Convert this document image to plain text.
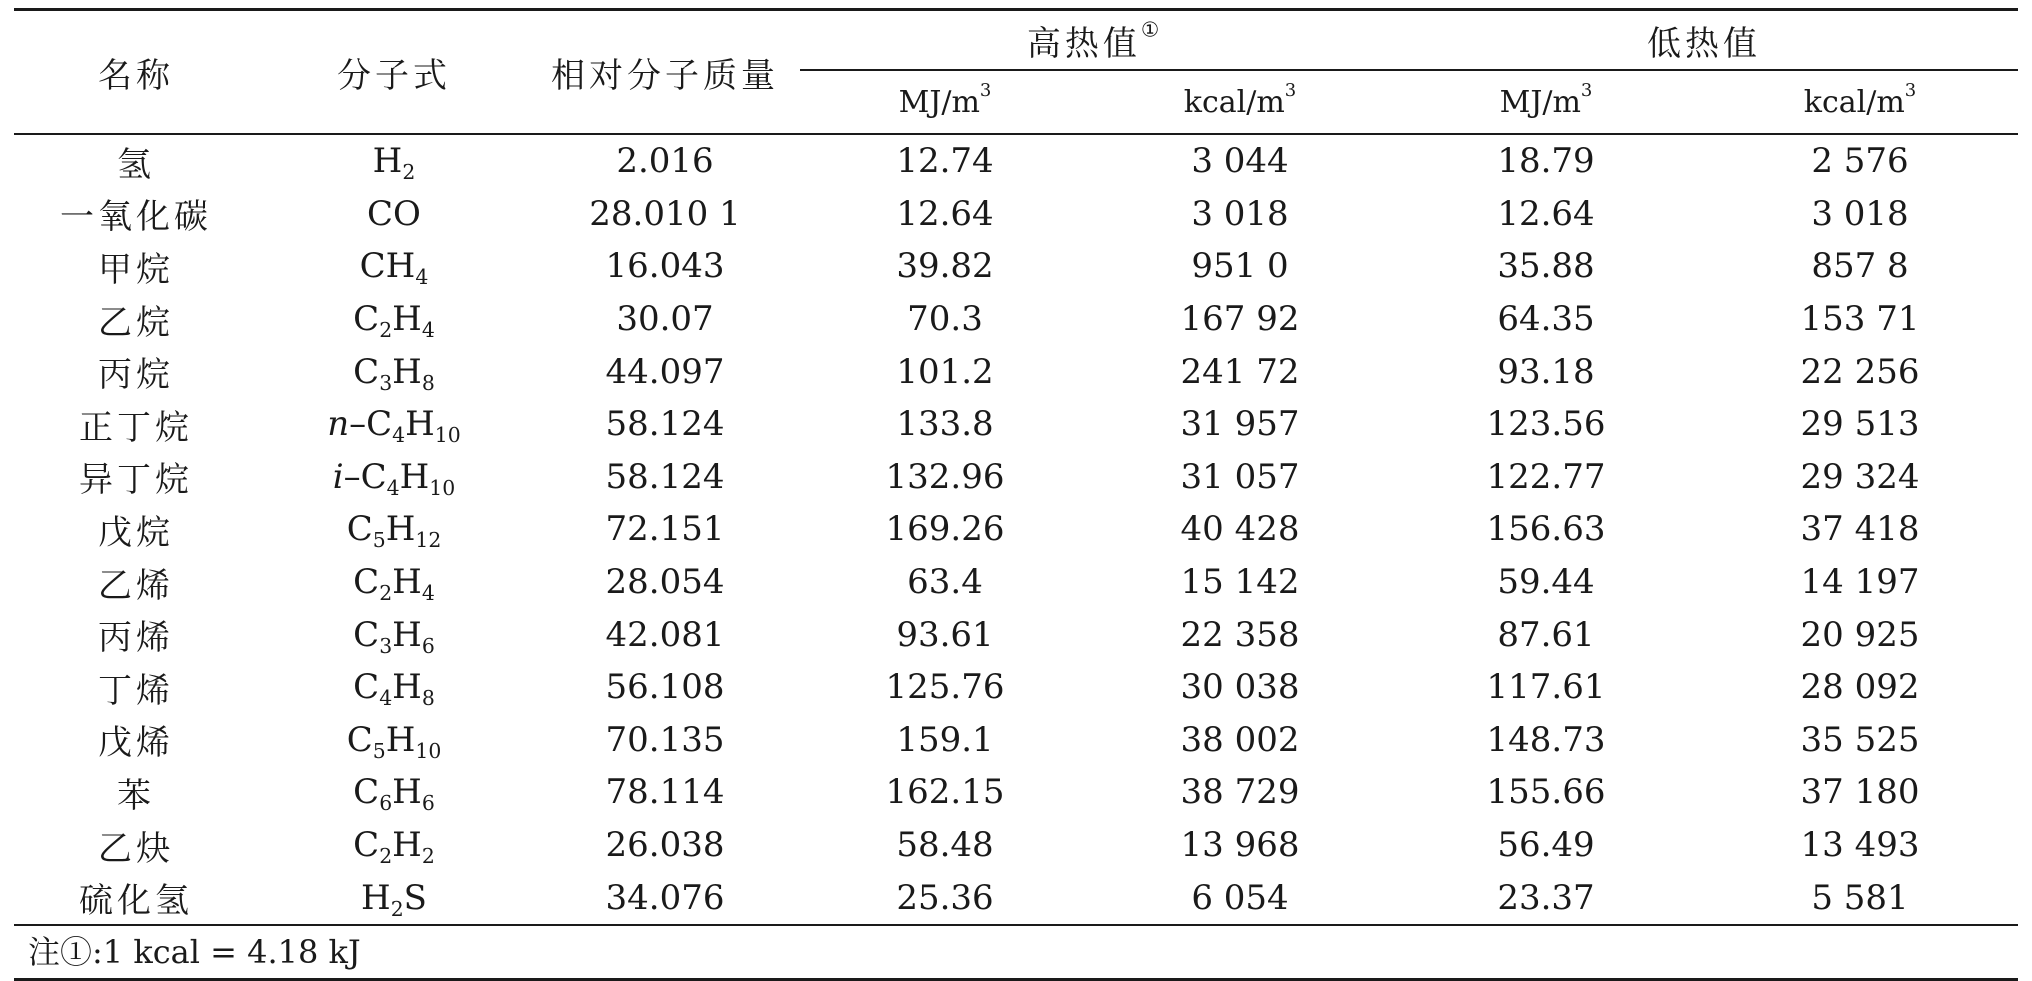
名称	分子式	相对分子质量	高热值①		低热值	
			$MJ/m^3$	kcal/$m^3$	$MJ/m^3$	kcal/$m^3$
氢	$H_2$	2.016	12.74	3 044	18.79	2 576
一氧化碳	CO	28.010 1	12.64	3 018	12.64	3 018
甲烷	$CH_4$	16.043	39.82	951 0	35.88	857 8
乙烷	$C_2H_4$	30.07	70.3	167 92	64.35	153 71
丙烷	$C_3H_8$	44.097	101.2	241 72	93.18	22 256
正丁烷	$n-C_4H_{10}$	58.124	133.8	31 957	123.56	29 513
异丁烷	$i-C_4H_{10}$	58.124	132.96	31 057	122.77	29 324
戊烷	$C_5H_{12}$	72.151	169.26	40 428	156.63	37 418
乙烯	$C_2H_4$	28.054	63.4	15 142	59.44	14 197
丙烯	$C_3H_6$	42.081	93.61	22 358	87.61	20 925
丁烯	$C_4H_8$	56.108	125.76	30 038	117.61	28 092
戊烯	$C_5H_{10}$	70.135	159.1	38 002	148.73	35 525
苯	$C_6H_6$	78.114	162.15	38 729	155.66	37 180
乙炔	$C_2H_2$	26.038	58.48	13 968	56.49	13 493
硫化氢	$H_2S$	34.076	25.36	6 054	23.37	5 581
注①:1 kcal = 4.18 kJ
